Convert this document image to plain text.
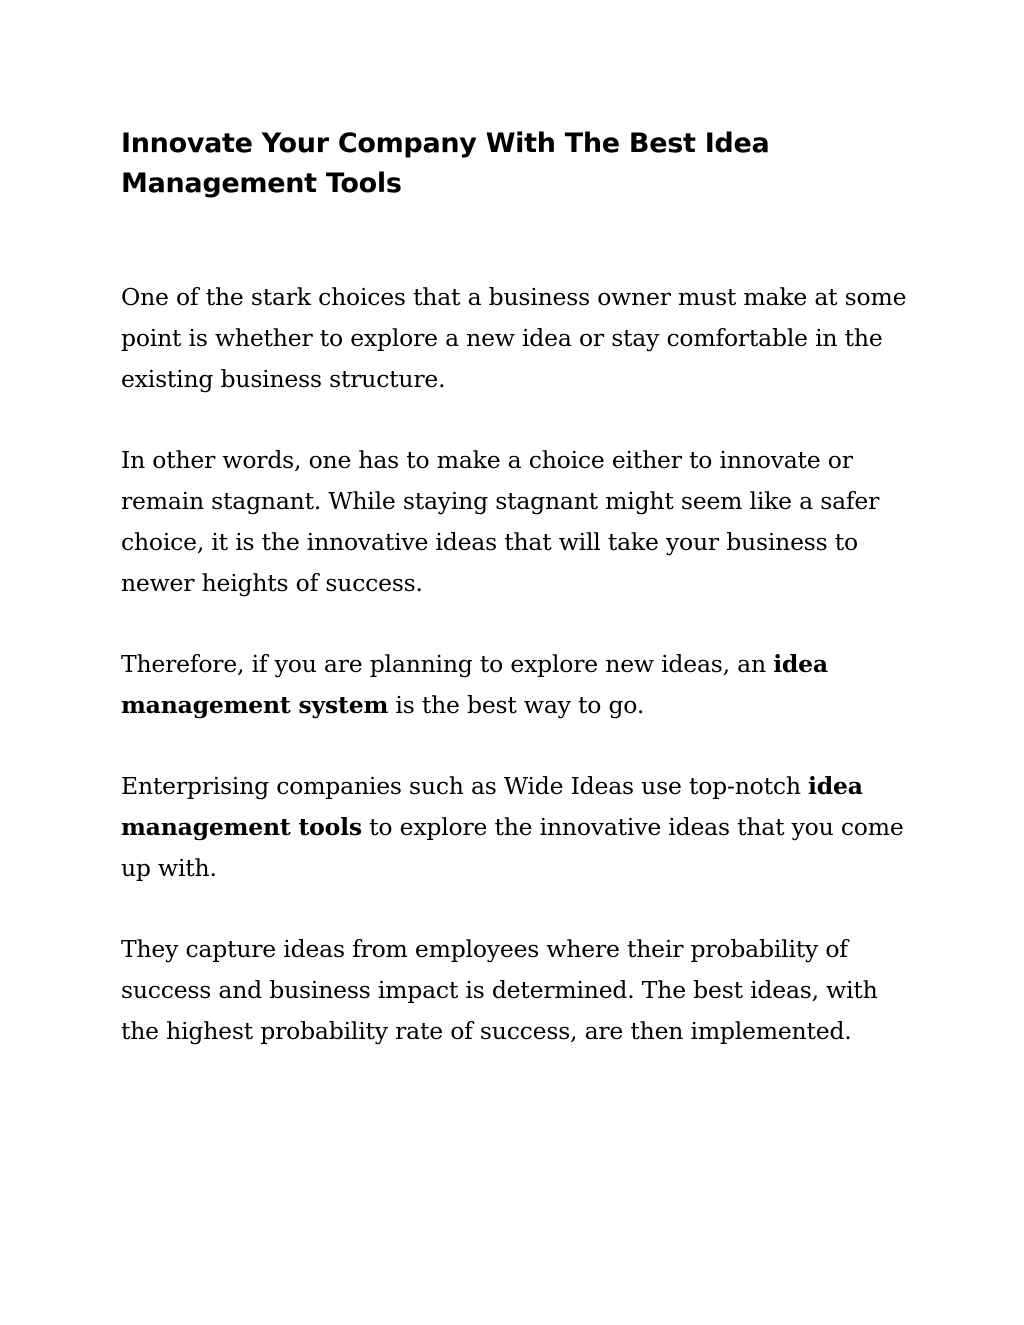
Innovate Your Company With The Best Idea Management Tools

One of the stark choices that a business owner must make at some point is whether to explore a new idea or stay comfortable in the existing business structure.

In other words, one has to make a choice either to innovate or remain stagnant. While staying stagnant might seem like a safer choice, it is the innovative ideas that will take your business to newer heights of success.

Therefore, if you are planning to explore new ideas, an idea management system is the best way to go.

Enterprising companies such as Wide Ideas use top-notch idea management tools to explore the innovative ideas that you come up with.

They capture ideas from employees where their probability of success and business impact is determined. The best ideas, with the highest probability rate of success, are then implemented.
